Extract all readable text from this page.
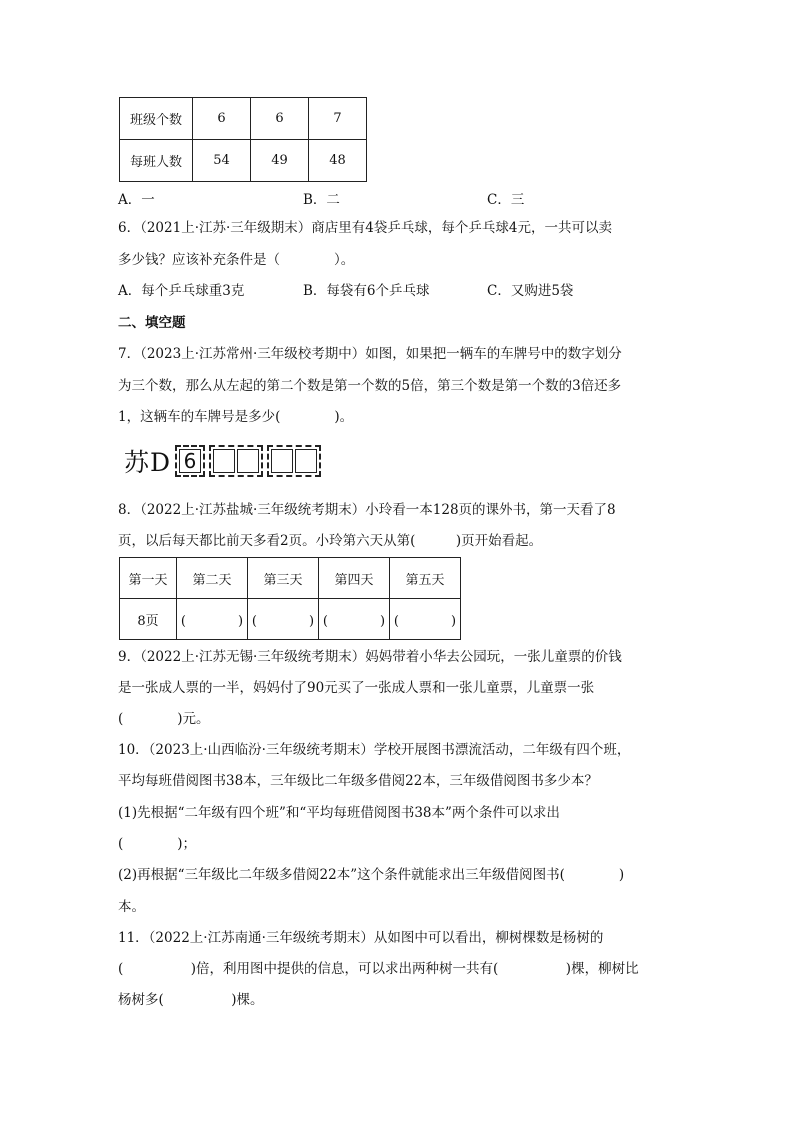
班级个数	6	6	7
每班人数	54	49	48
A．一	B．二	C．三
6．（2021上·江苏·三年级期末）商店里有4袋乒乓球，每个乒乓球4元，一共可以卖
多少钱？应该补充条件是（　　　　）。
A．每个乒乓球重3克	B．每袋有6个乒乓球	C．又购进5袋
二、填空题
7．（2023上·江苏常州·三年级校考期中）如图，如果把一辆车的车牌号中的数字划分
为三个数，那么从左起的第二个数是第一个数的5倍，第三个数是第一个数的3倍还多
1，这辆车的车牌号是多少(　　　　)。
苏D 6
8．（2022上·江苏盐城·三年级统考期末）小玲看一本128页的课外书，第一天看了8
页，以后每天都比前天多看2页。小玲第六天从第(　　　)页开始看起。
第一天	第二天	第三天	第四天	第五天
8页	(　　　　)	(　　　　)	(　　　　)	(　　　　)
9．（2022上·江苏无锡·三年级统考期末）妈妈带着小华去公园玩，一张儿童票的价钱
是一张成人票的一半，妈妈付了90元买了一张成人票和一张儿童票，儿童票一张
(　　　　)元。
10．（2023上·山西临汾·三年级统考期末）学校开展图书漂流活动，二年级有四个班，
平均每班借阅图书38本，三年级比二年级多借阅22本，三年级借阅图书多少本？
(1)先根据“二年级有四个班”和“平均每班借阅图书38本”两个条件可以求出
(　　　　)；
(2)再根据“三年级比二年级多借阅22本”这个条件就能求出三年级借阅图书(　　　　)
本。
11．（2022上·江苏南通·三年级统考期末）从如图中可以看出，柳树棵数是杨树的
(　　　　　)倍，利用图中提供的信息，可以求出两种树一共有(　　　　　)棵，柳树比
杨树多(　　　　　)棵。
